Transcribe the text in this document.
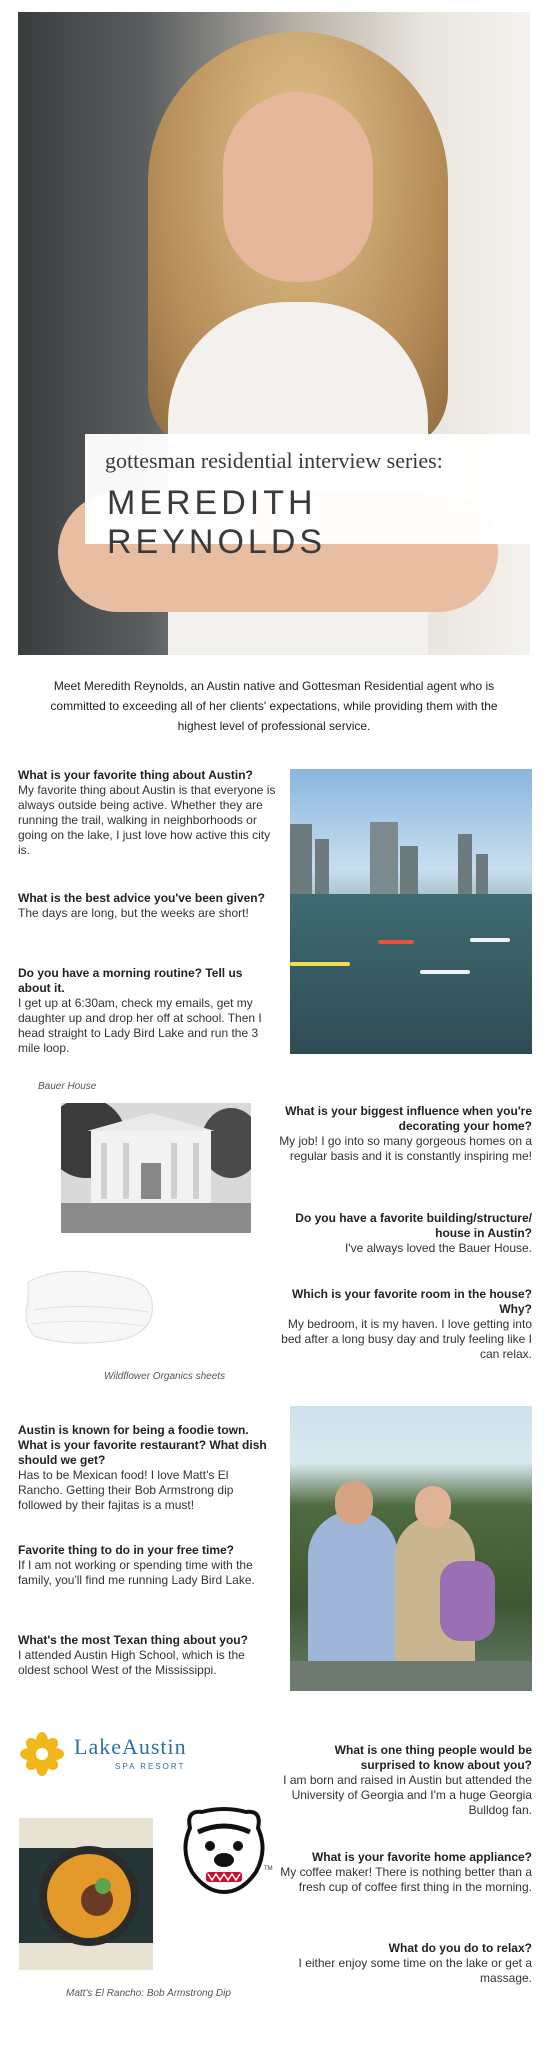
gottesman residential interview series:
MEREDITH REYNOLDS
Meet Meredith Reynolds, an Austin native and Gottesman Residential agent who is committed to exceeding all of her clients' expectations, while providing them with the highest level of professional service.
What is your favorite thing about Austin?
My favorite thing about Austin is that everyone is always outside being active. Whether they are running the trail, walking in neighborhoods or going on the lake, I just love how active this city is.
What is the best advice you've been given?
The days are long, but the weeks are short!
Do you have a morning routine? Tell us about it.
I get up at 6:30am, check my emails, get my daughter up and drop her off at school. Then I head straight to Lady Bird Lake and run the 3 mile loop.
Bauer House
Wildflower Organics sheets
What is your biggest influence when you're decorating your home?
My job! I go into so many gorgeous homes on a regular basis and it is constantly inspiring me!
Do you have a favorite building/structure/ house in Austin?
I've always loved the Bauer House.
Which is your favorite room in the house? Why?
My bedroom, it is my haven. I love getting into bed after a long busy day and truly feeling like I can relax.
Austin is known for being a foodie town. What is your favorite restaurant? What dish should we get?
Has to be Mexican food! I love Matt's El Rancho. Getting their Bob Armstrong dip followed by their fajitas is a must!
Favorite thing to do in your free time?
If I am not working or spending time with the family, you'll find me running Lady Bird Lake.
What's the most Texan thing about you?
I attended Austin High School, which is the oldest school West of the Mississippi.
LakeAustin
SPA RESORT
TM
Matt's El Rancho: Bob Armstrong Dip
What is one thing people would be surprised to know about you?
I am born and raised in Austin but attended the University of Georgia and I'm a huge Georgia Bulldog fan.
What is your favorite home appliance?
My coffee maker! There is nothing better than a fresh cup of coffee first thing in the morning.
What do you do to relax?
I either enjoy some time on the lake or get a massage.
